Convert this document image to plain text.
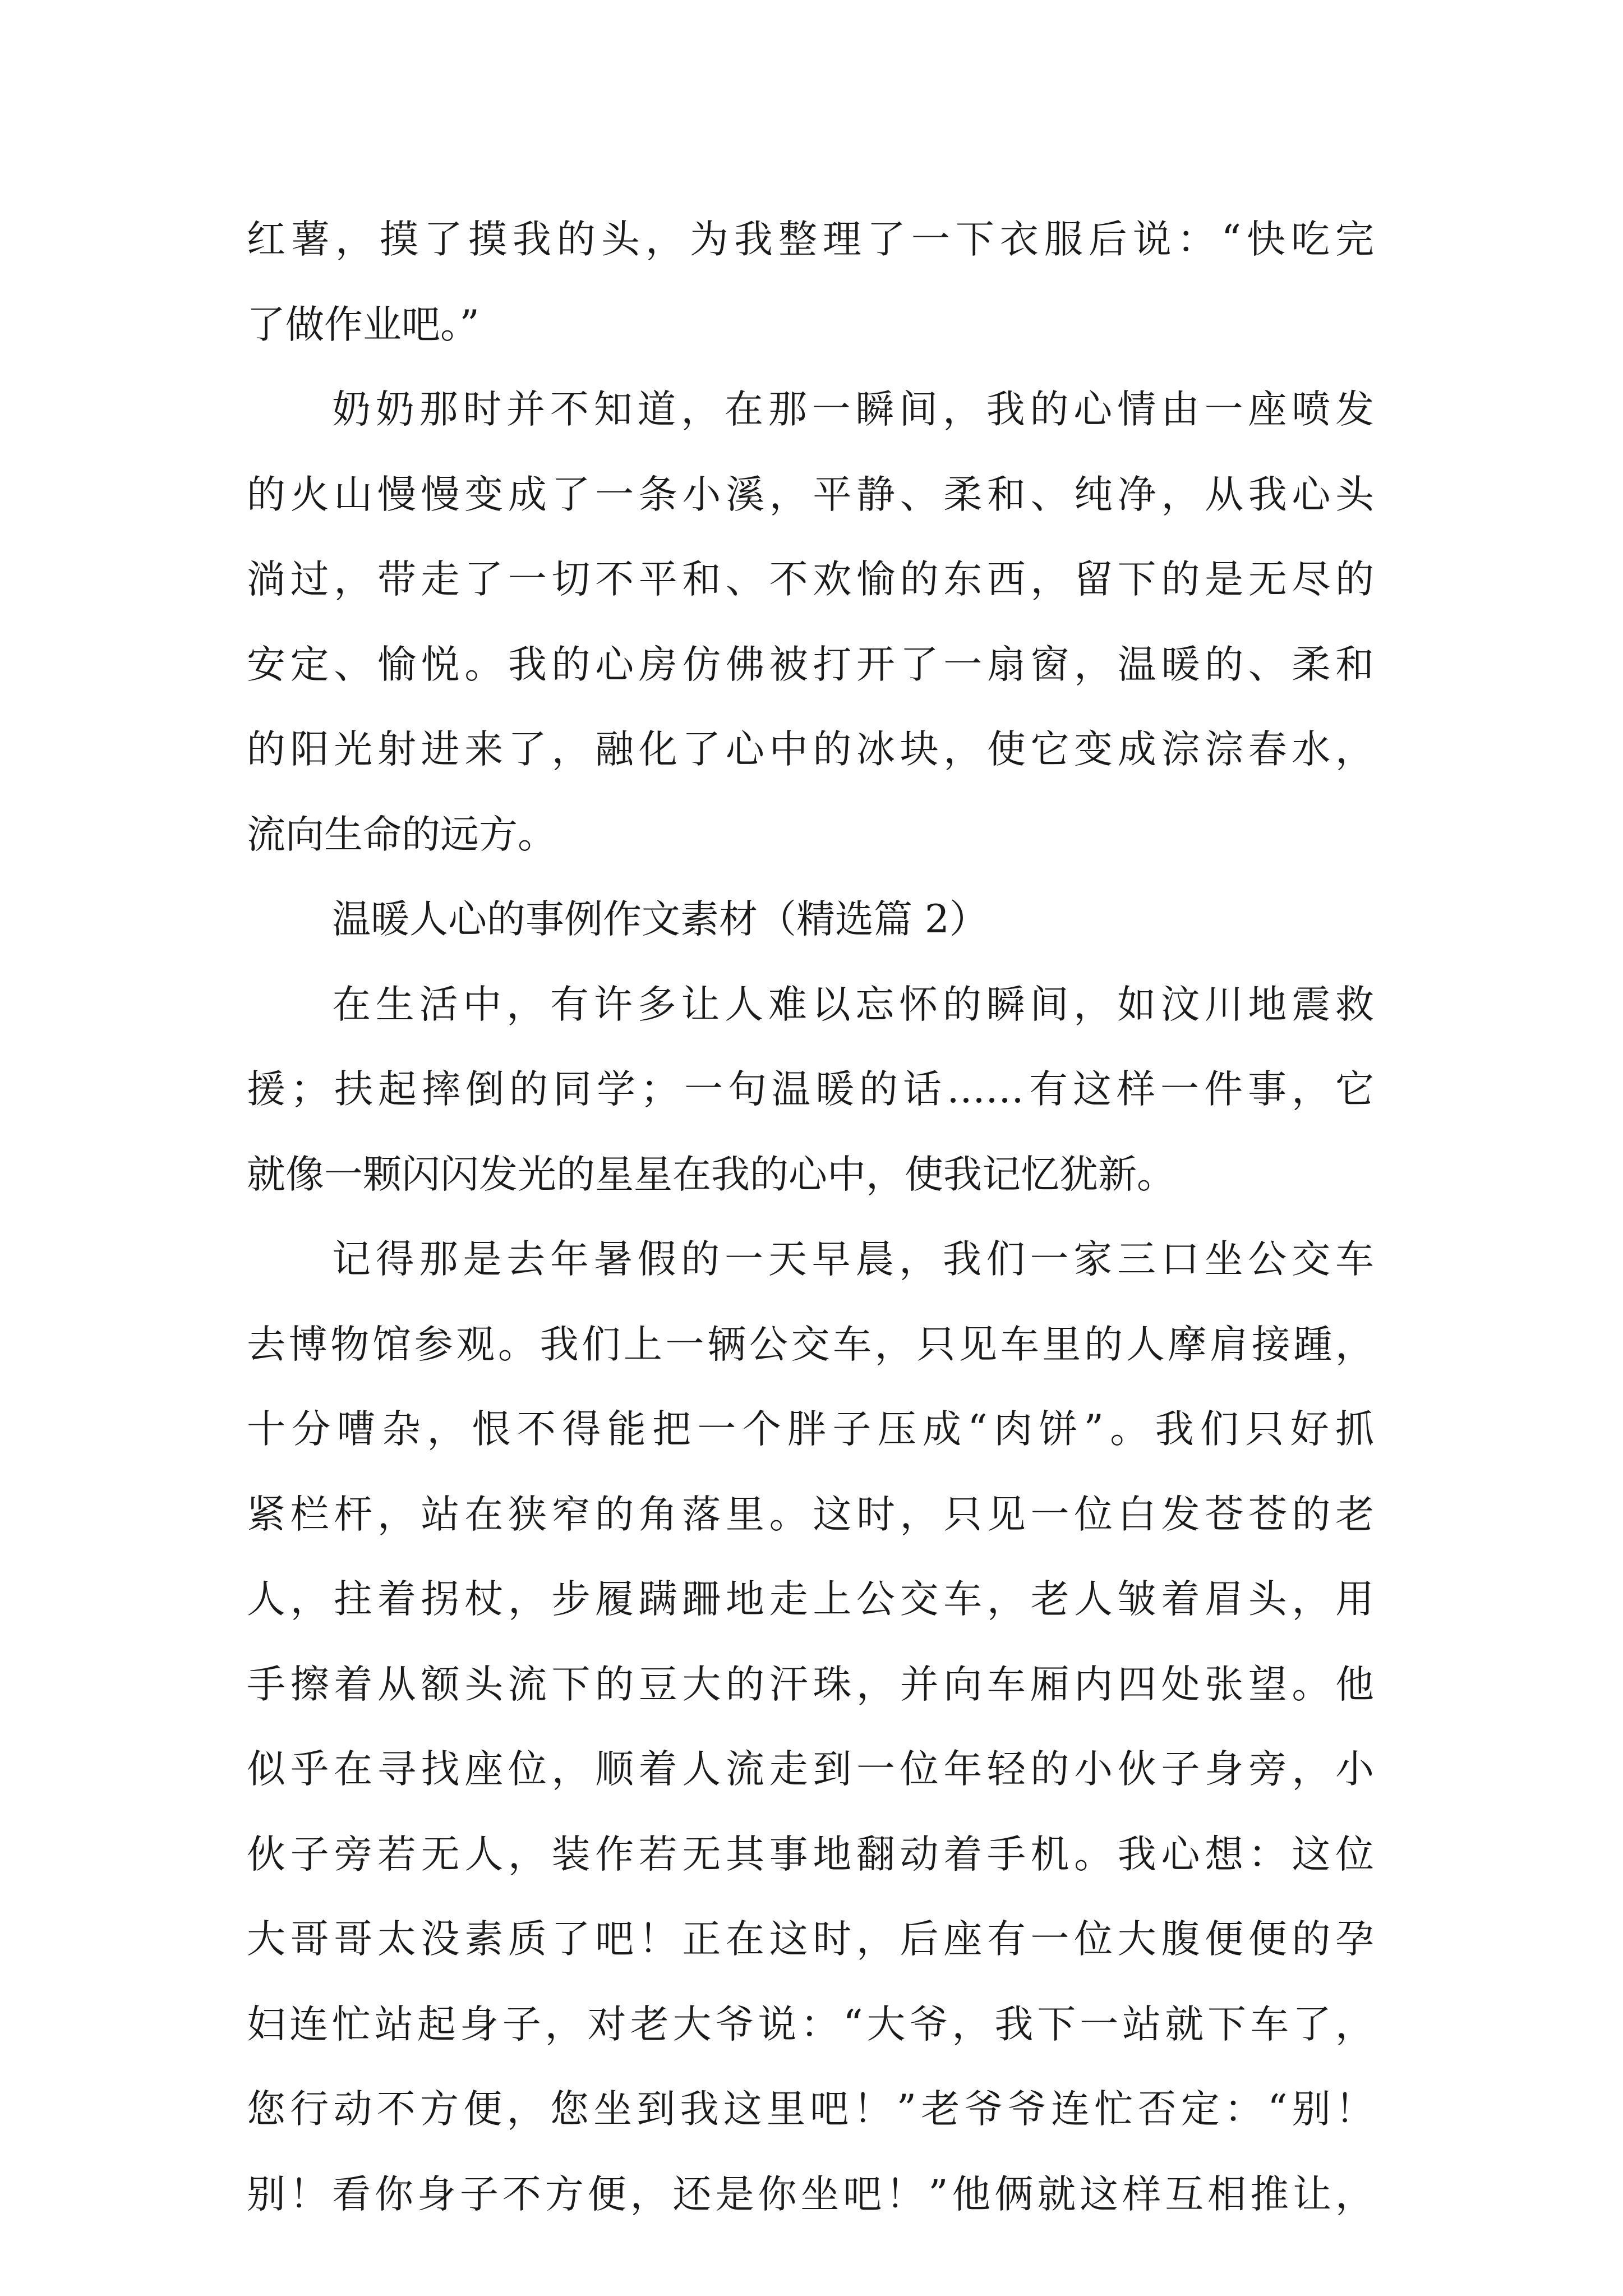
红薯，摸了摸我的头，为我整理了一下衣服后说：“快吃完
了做作业吧。”
奶奶那时并不知道，在那一瞬间，我的心情由一座喷发
的火山慢慢变成了一条小溪，平静、柔和、纯净，从我心头
淌过，带走了一切不平和、不欢愉的东西，留下的是无尽的
安定、愉悦。我的心房仿佛被打开了一扇窗，温暖的、柔和
的阳光射进来了，融化了心中的冰块，使它变成淙淙春水，
流向生命的远方。
温暖人心的事例作文素材（精选篇 2）
在生活中，有许多让人难以忘怀的瞬间，如汶川地震救
援；扶起摔倒的同学；一句温暖的话……有这样一件事，它
就像一颗闪闪发光的星星在我的心中，使我记忆犹新。
记得那是去年暑假的一天早晨，我们一家三口坐公交车
去博物馆参观。我们上一辆公交车，只见车里的人摩肩接踵，
十分嘈杂，恨不得能把一个胖子压成“肉饼”。我们只好抓
紧栏杆，站在狭窄的角落里。这时，只见一位白发苍苍的老
人，拄着拐杖，步履蹒跚地走上公交车，老人皱着眉头，用
手擦着从额头流下的豆大的汗珠，并向车厢内四处张望。他
似乎在寻找座位，顺着人流走到一位年轻的小伙子身旁，小
伙子旁若无人，装作若无其事地翻动着手机。我心想：这位
大哥哥太没素质了吧！正在这时，后座有一位大腹便便的孕
妇连忙站起身子，对老大爷说：“大爷，我下一站就下车了，
您行动不方便，您坐到我这里吧！”老爷爷连忙否定：“别！
别！看你身子不方便，还是你坐吧！”他俩就这样互相推让，
